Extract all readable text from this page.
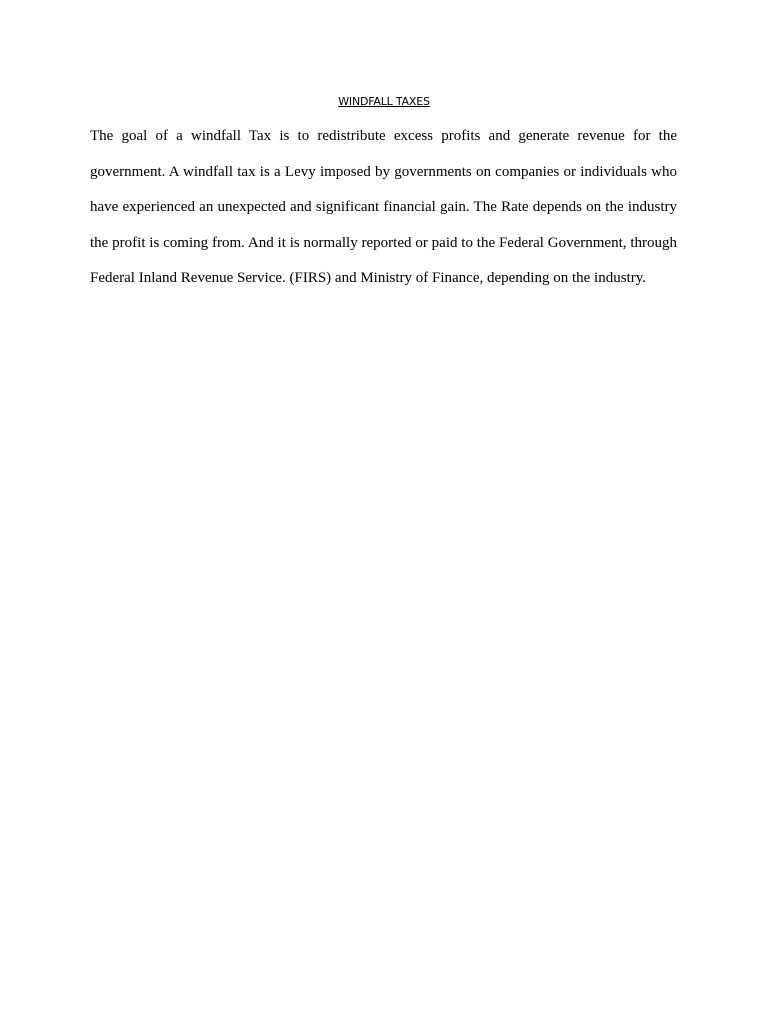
WINDFALL TAXES

The goal of a windfall Tax is to redistribute excess profits and generate revenue for the government. A windfall tax is a Levy imposed by governments on companies or individuals who have experienced an unexpected and significant financial gain. The Rate depends on the industry the profit is coming from. And it is normally reported or paid to the Federal Government, through Federal Inland Revenue Service. (FIRS) and Ministry of Finance, depending on the industry.
